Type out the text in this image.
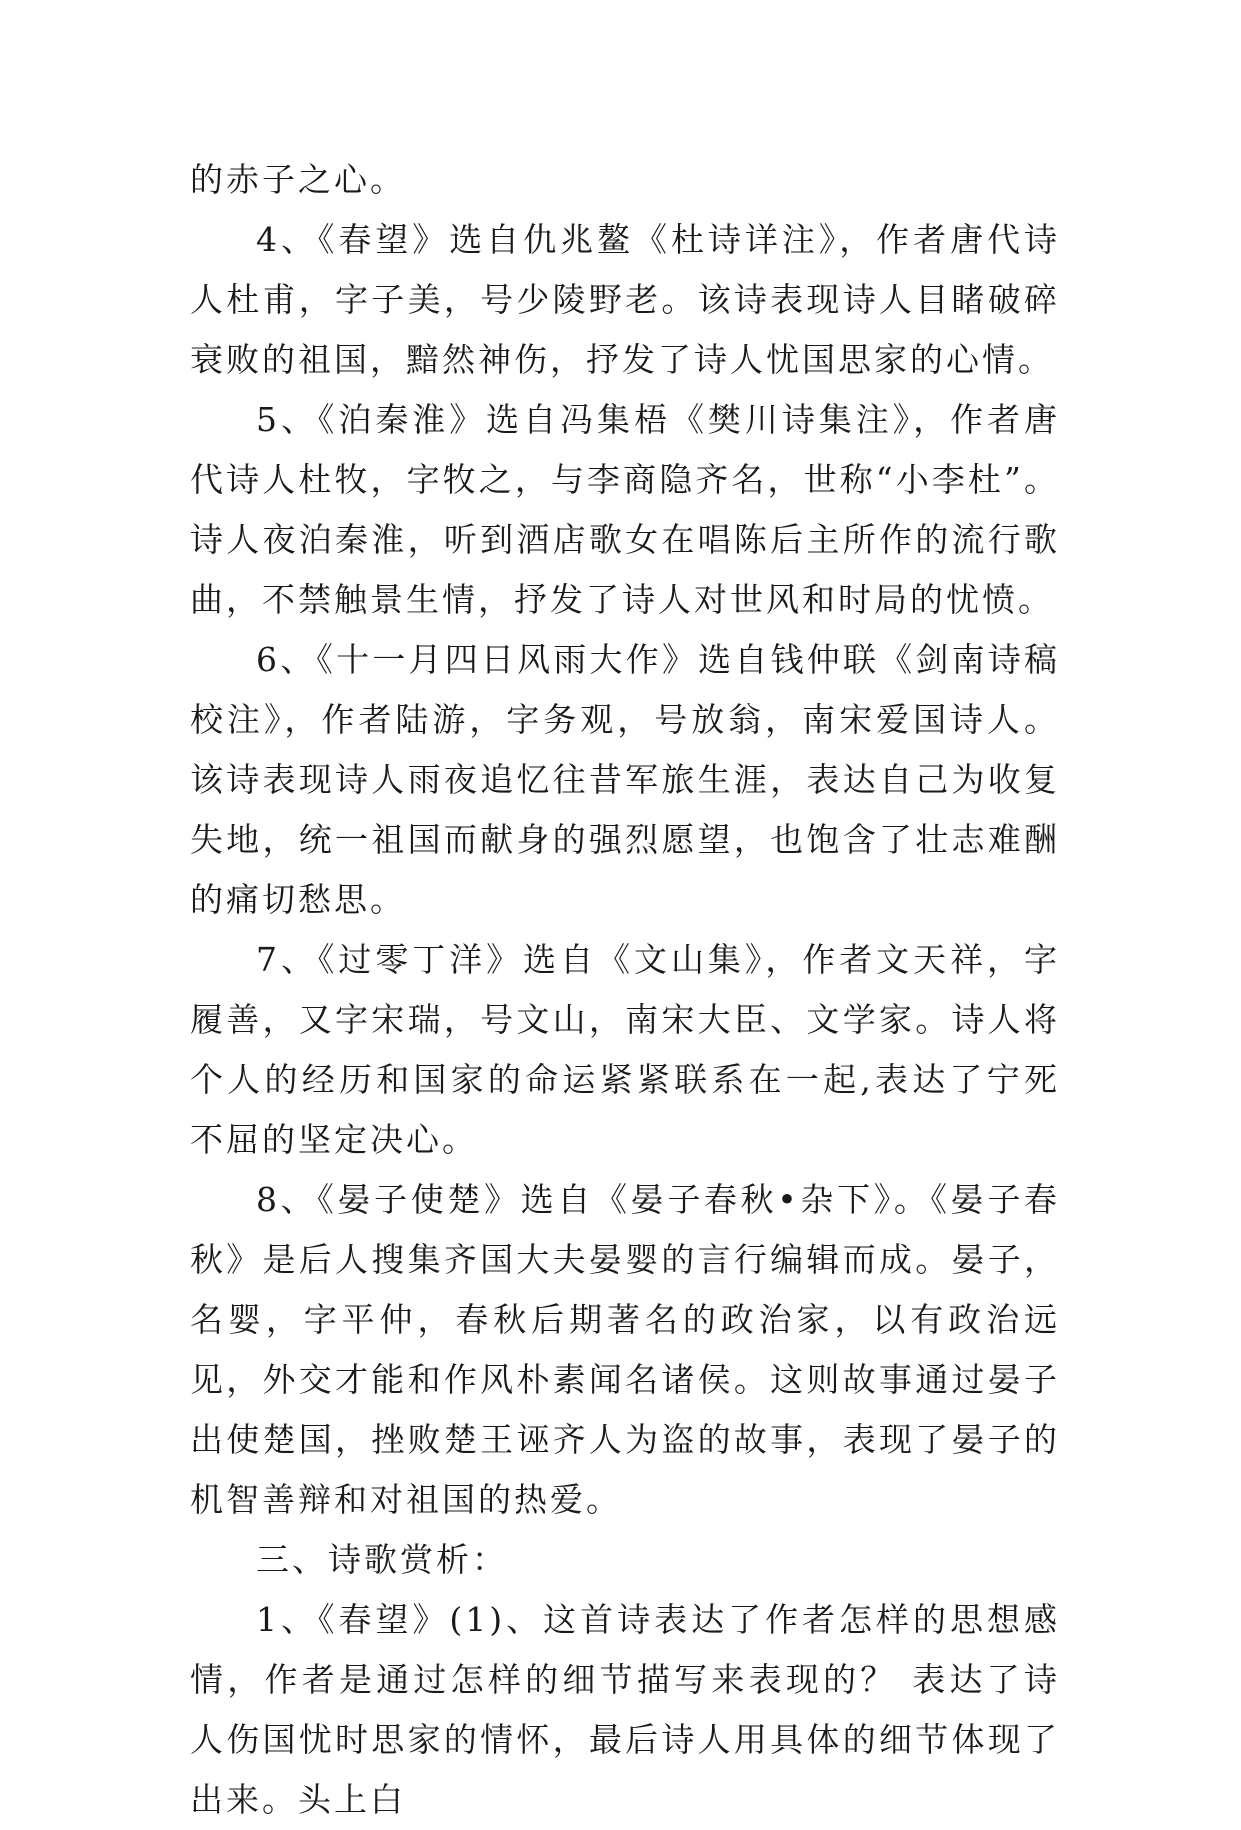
的赤子之心。

4、《春望》选自仇兆鳌《杜诗详注》，作者唐代诗人杜甫，字子美，号少陵野老。该诗表现诗人目睹破碎衰败的祖国，黯然神伤，抒发了诗人忧国思家的心情。

5、《泊秦淮》选自冯集梧《樊川诗集注》，作者唐代诗人杜牧，字牧之，与李商隐齐名，世称“小李杜”。诗人夜泊秦淮，听到酒店歌女在唱陈后主所作的流行歌曲，不禁触景生情，抒发了诗人对世风和时局的忧愤。

6、《十一月四日风雨大作》选自钱仲联《剑南诗稿校注》，作者陆游，字务观，号放翁，南宋爱国诗人。该诗表现诗人雨夜追忆往昔军旅生涯，表达自己为收复失地，统一祖国而献身的强烈愿望，也饱含了壮志难酬的痛切愁思。

7、《过零丁洋》选自《文山集》，作者文天祥，字履善，又字宋瑞，号文山，南宋大臣、文学家。诗人将个人的经历和国家的命运紧紧联系在一起,表达了宁死不屈的坚定决心。

8、《晏子使楚》选自《晏子春秋•杂下》。《晏子春秋》是后人搜集齐国大夫晏婴的言行编辑而成。晏子，名婴，字平仲，春秋后期著名的政治家，以有政治远见，外交才能和作风朴素闻名诸侯。这则故事通过晏子出使楚国，挫败楚王诬齐人为盗的故事，表现了晏子的机智善辩和对祖国的热爱。

三、诗歌赏析：

1、《春望》(1)、这首诗表达了作者怎样的思想感情，作者是通过怎样的细节描写来表现的？ 表达了诗人伤国忧时思家的情怀，最后诗人用具体的细节体现了出来。头上白
